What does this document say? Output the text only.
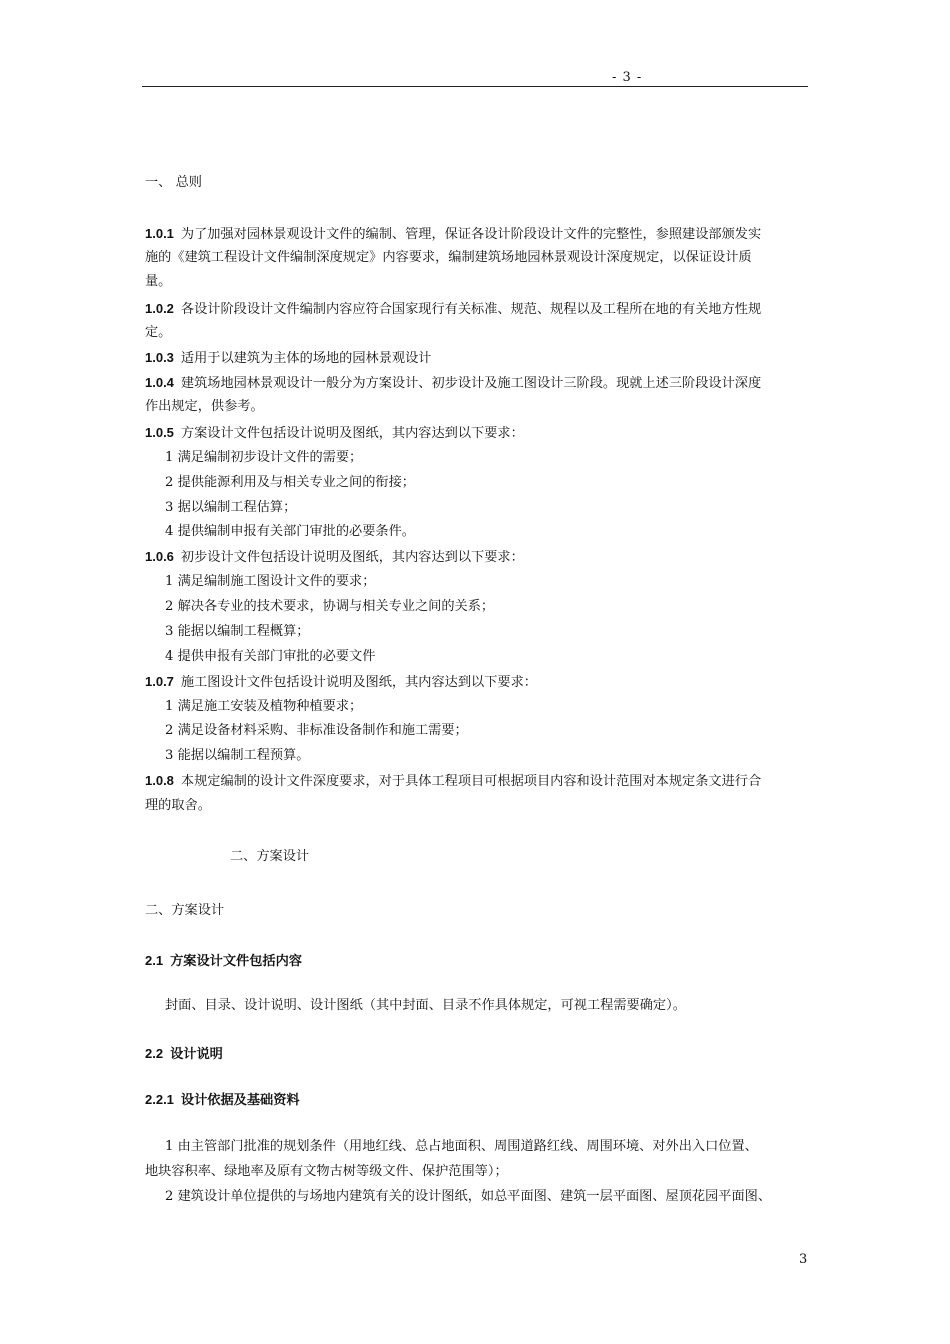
- 3 -
一、 总则
1.0.1 为了加强对园林景观设计文件的编制、管理，保证各设计阶段设计文件的完整性，参照建设部颁发实
施的《建筑工程设计文件编制深度规定》内容要求，编制建筑场地园林景观设计深度规定，以保证设计质
量。
1.0.2 各设计阶段设计文件编制内容应符合国家现行有关标准、规范、规程以及工程所在地的有关地方性规
定。
1.0.3 适用于以建筑为主体的场地的园林景观设计
1.0.4 建筑场地园林景观设计一般分为方案设计、初步设计及施工图设计三阶段。现就上述三阶段设计深度
作出规定，供参考。
1.0.5 方案设计文件包括设计说明及图纸，其内容达到以下要求：
1 满足编制初步设计文件的需要；
2 提供能源利用及与相关专业之间的衔接；
3 据以编制工程估算；
4 提供编制申报有关部门审批的必要条件。
1.0.6 初步设计文件包括设计说明及图纸，其内容达到以下要求：
1 满足编制施工图设计文件的要求；
2 解决各专业的技术要求，协调与相关专业之间的关系；
3 能据以编制工程概算；
4 提供申报有关部门审批的必要文件
1.0.7 施工图设计文件包括设计说明及图纸，其内容达到以下要求：
1 满足施工安装及植物种植要求；
2 满足设备材料采购、非标准设备制作和施工需要；
3 能据以编制工程预算。
1.0.8 本规定编制的设计文件深度要求，对于具体工程项目可根据项目内容和设计范围对本规定条文进行合
理的取舍。
二、方案设计
二、方案设计
2.1 方案设计文件包括内容
封面、目录、设计说明、设计图纸（其中封面、目录不作具体规定，可视工程需要确定）。
2.2 设计说明
2.2.1 设计依据及基础资料
1 由主管部门批准的规划条件（用地红线、总占地面积、周围道路红线、周围环境、对外出入口位置、
地块容积率、绿地率及原有文物古树等级文件、保护范围等）；
2 建筑设计单位提供的与场地内建筑有关的设计图纸，如总平面图、建筑一层平面图、屋顶花园平面图、
3
